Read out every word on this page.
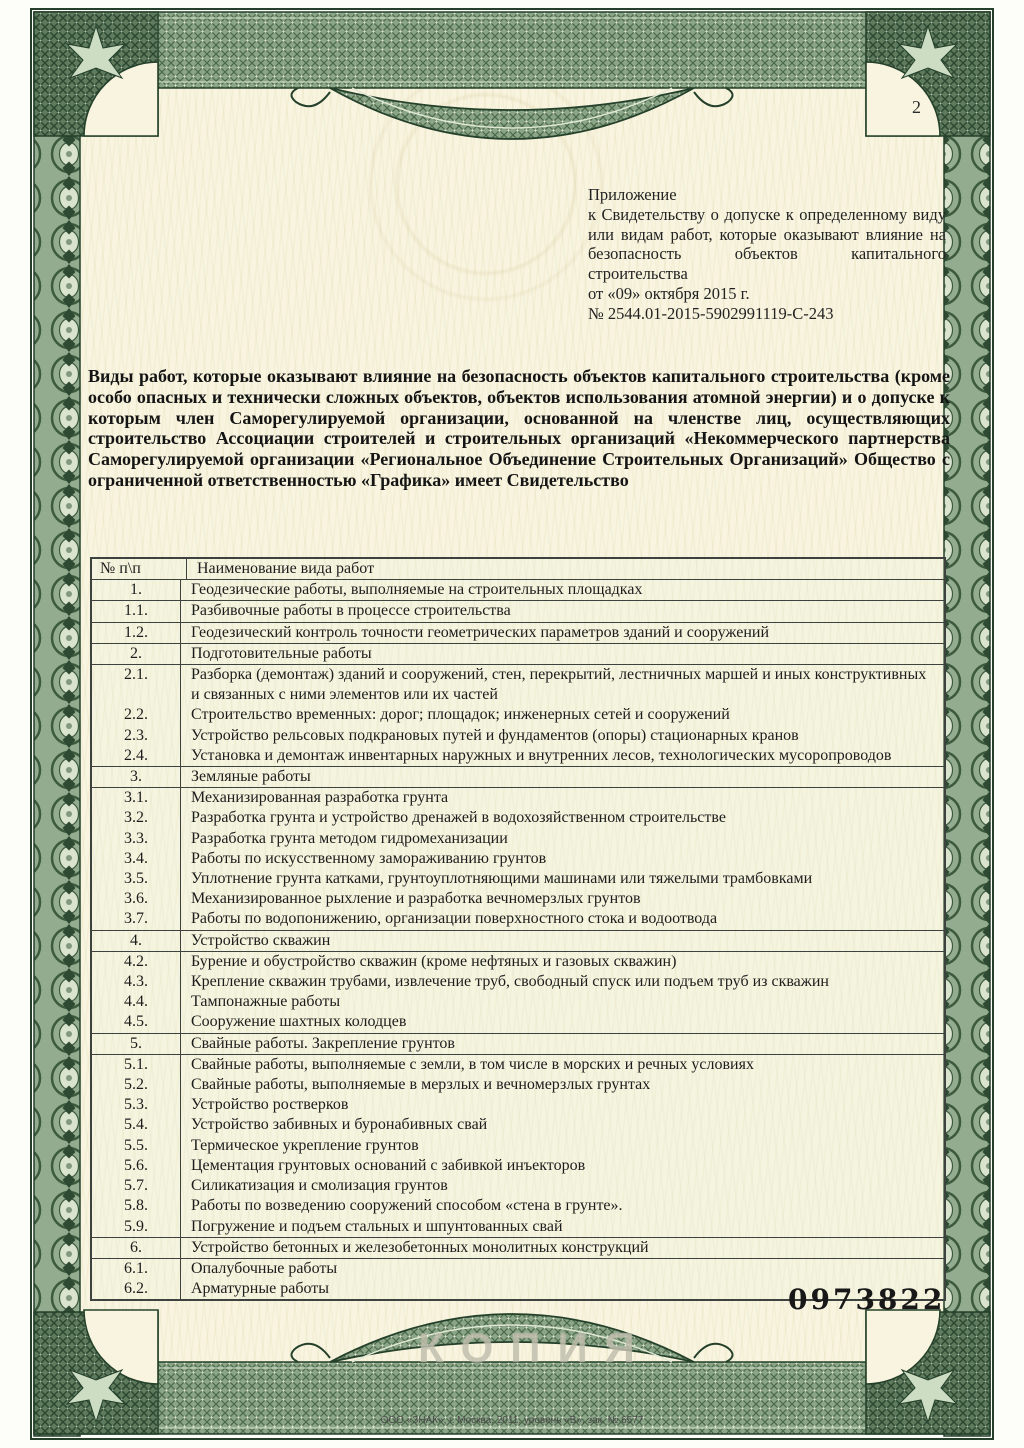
2

Приложение

к Свидетельству о допуске к определенному виду или видам работ, которые оказывают влияние на безопасность объектов капитального строительства

от «09» октября 2015 г.

№ 2544.01-2015-5902991119-С-243

Виды работ, которые оказывают влияние на безопасность объектов капитального строительства (кроме особо опасных и технически сложных объектов, объектов использования атомной энергии) и о допуске к которым член Саморегулируемой организации, основанной на членстве лиц, осуществляющих строительство Ассоциации строителей и строительных организаций «Некоммерческого партнерства Саморегулируемой организации «Региональное Объединение Строительных Организаций» Общество с ограниченной ответственностью «Графика» имеет Свидетельство
№ п\п	Наименование вида работ
1.	Геодезические работы, выполняемые на строительных площадках
1.1.	Разбивочные работы в процессе строительства
1.2.	Геодезический контроль точности геометрических параметров зданий и сооружений
2.	Подготовительные работы
2.1.	Разборка (демонтаж) зданий и сооружений, стен, перекрытий, лестничных маршей и иных конструктивных и связанных с ними элементов или их частей
2.2.	Строительство временных: дорог; площадок; инженерных сетей и сооружений
2.3.	Устройство рельсовых подкрановых путей и фундаментов (опоры) стационарных кранов
2.4.	Установка и демонтаж инвентарных наружных и внутренних лесов, технологических мусоропроводов
3.	Земляные работы
3.1.	Механизированная разработка грунта
3.2.	Разработка грунта и устройство дренажей в водохозяйственном строительстве
3.3.	Разработка грунта методом гидромеханизации
3.4.	Работы по искусственному замораживанию грунтов
3.5.	Уплотнение грунта катками, грунтоуплотняющими машинами или тяжелыми трамбовками
3.6.	Механизированное рыхление и разработка вечномерзлых грунтов
3.7.	Работы по водопонижению, организации поверхностного стока и водоотвода
4.	Устройство скважин
4.2.	Бурение и обустройство скважин (кроме нефтяных и газовых скважин)
4.3.	Крепление скважин трубами, извлечение труб, свободный спуск или подъем труб из скважин
4.4.	Тампонажные работы
4.5.	Сооружение шахтных колодцев
5.	Свайные работы. Закрепление грунтов
5.1.	Свайные работы, выполняемые с земли, в том числе в морских и речных условиях
5.2.	Свайные работы, выполняемые в мерзлых и вечномерзлых грунтах
5.3.	Устройство ростверков
5.4.	Устройство забивных и буронабивных свай
5.5.	Термическое укрепление грунтов
5.6.	Цементация грунтовых оснований с забивкой инъекторов
5.7.	Силикатизация и смолизация грунтов
5.8.	Работы по возведению сооружений способом «стена в грунте».
5.9.	Погружение и подъем стальных и шпунтованных свай
6.	Устройство бетонных и железобетонных монолитных конструкций
6.1.	Опалубочные работы
6.2.	Арматурные работы	0973822
КОПИЯ
ООО «ЗНАК», г. Москва, 2011, уровень «В», зак. № 6577
